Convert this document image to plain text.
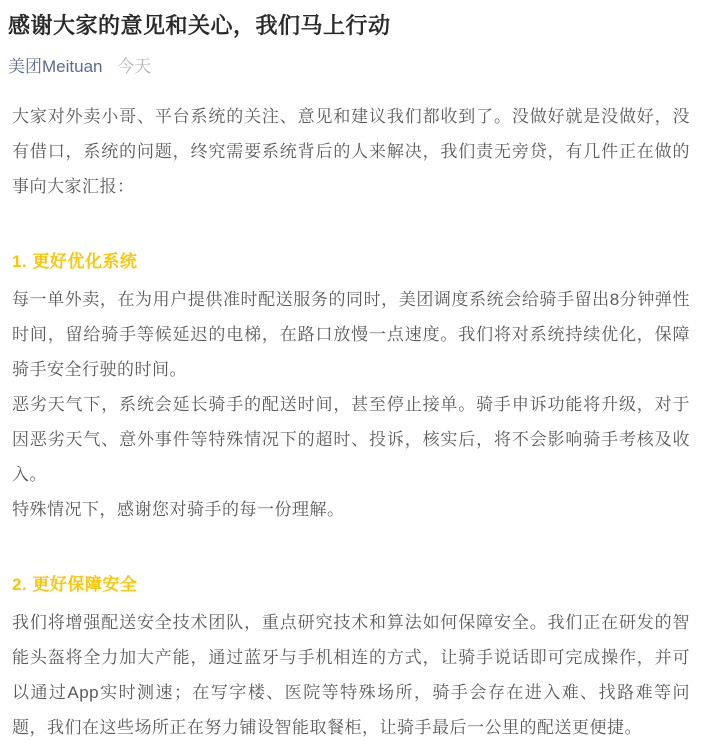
感谢大家的意见和关心，我们马上行动
美团Meituan 今天

大家对外卖小哥、平台系统的关注、意见和建议我们都收到了。没做好就是没做好，没有借口，系统的问题，终究需要系统背后的人来解决，我们责无旁贷，有几件正在做的事向大家汇报：

1. 更好优化系统

每一单外卖，在为用户提供准时配送服务的同时，美团调度系统会给骑手留出8分钟弹性时间，留给骑手等候延迟的电梯，在路口放慢一点速度。我们将对系统持续优化，保障骑手安全行驶的时间。

恶劣天气下，系统会延长骑手的配送时间，甚至停止接单。骑手申诉功能将升级，对于因恶劣天气、意外事件等特殊情况下的超时、投诉，核实后，将不会影响骑手考核及收入。

特殊情况下，感谢您对骑手的每一份理解。

2. 更好保障安全

我们将增强配送安全技术团队，重点研究技术和算法如何保障安全。我们正在研发的智能头盔将全力加大产能，通过蓝牙与手机相连的方式，让骑手说话即可完成操作，并可以通过App实时测速；在写字楼、医院等特殊场所，骑手会存在进入难、找路难等问题，我们在这些场所正在努力铺设智能取餐柜，让骑手最后一公里的配送更便捷。
